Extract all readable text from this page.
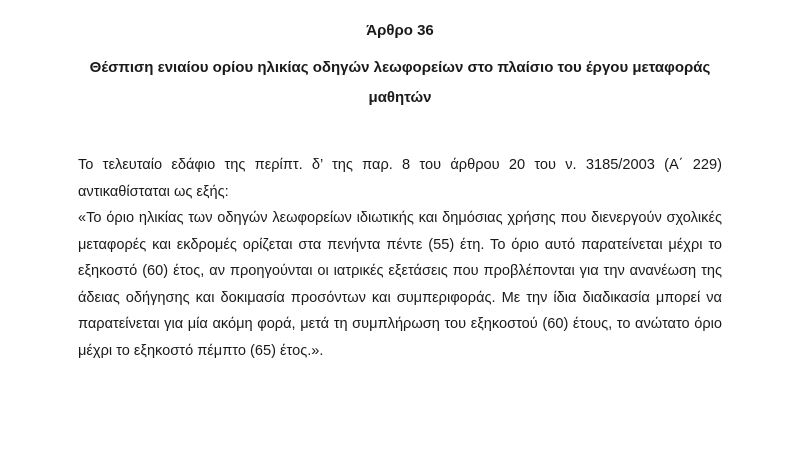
Άρθρο 36
Θέσπιση ενιαίου ορίου ηλικίας οδηγών λεωφορείων στο πλαίσιο του έργου μεταφοράς μαθητών

Το τελευταίο εδάφιο της περίπτ. δ’ της παρ. 8 του άρθρου 20 του ν. 3185/2003 (Α΄ 229) αντικαθίσταται ως εξής:

«Το όριο ηλικίας των οδηγών λεωφορείων ιδιωτικής και δημόσιας χρήσης που διενεργούν σχολικές μεταφορές και εκδρομές ορίζεται στα πενήντα πέντε (55) έτη. Το όριο αυτό παρατείνεται μέχρι το εξηκοστό (60) έτος, αν προηγούνται οι ιατρικές εξετάσεις που προβλέπονται για την ανανέωση της άδειας οδήγησης και δοκιμασία προσόντων και συμπεριφοράς. Με την ίδια διαδικασία μπορεί να παρατείνεται για μία ακόμη φορά, μετά τη συμπλήρωση του εξηκοστού (60) έτους, το ανώτατο όριο μέχρι το εξηκοστό πέμπτο (65) έτος.».
